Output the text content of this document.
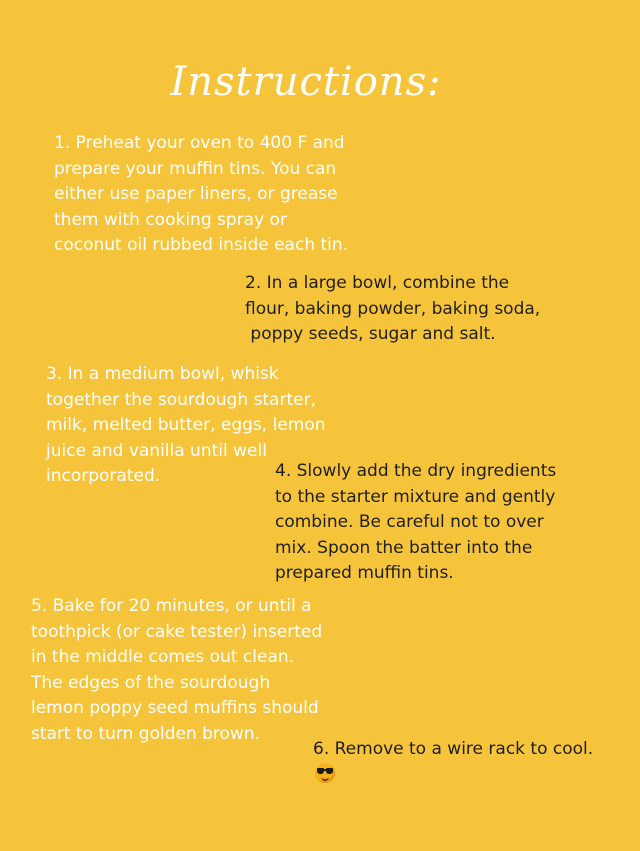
Instructions:

1. Preheat your oven to 400 F and
prepare your muffin tins. You can
either use paper liners, or grease
them with cooking spray or
coconut oil rubbed inside each tin.

2. In a large bowl, combine the
flour, baking powder, baking soda,
poppy seeds, sugar and salt.

3. In a medium bowl, whisk
together the sourdough starter,
milk, melted butter, eggs, lemon
juice and vanilla until well
incorporated.	4. Slowly add the dry ingredients
to the starter mixture and gently
combine. Be careful not to over
mix. Spoon the batter into the
prepared muffin tins.

5. Bake for 20 minutes, or until a
toothpick (or cake tester) inserted
in the middle comes out clean.
The edges of the sourdough
lemon poppy seed muffins should
start to turn golden brown.

6. Remove to a wire rack to cool.
